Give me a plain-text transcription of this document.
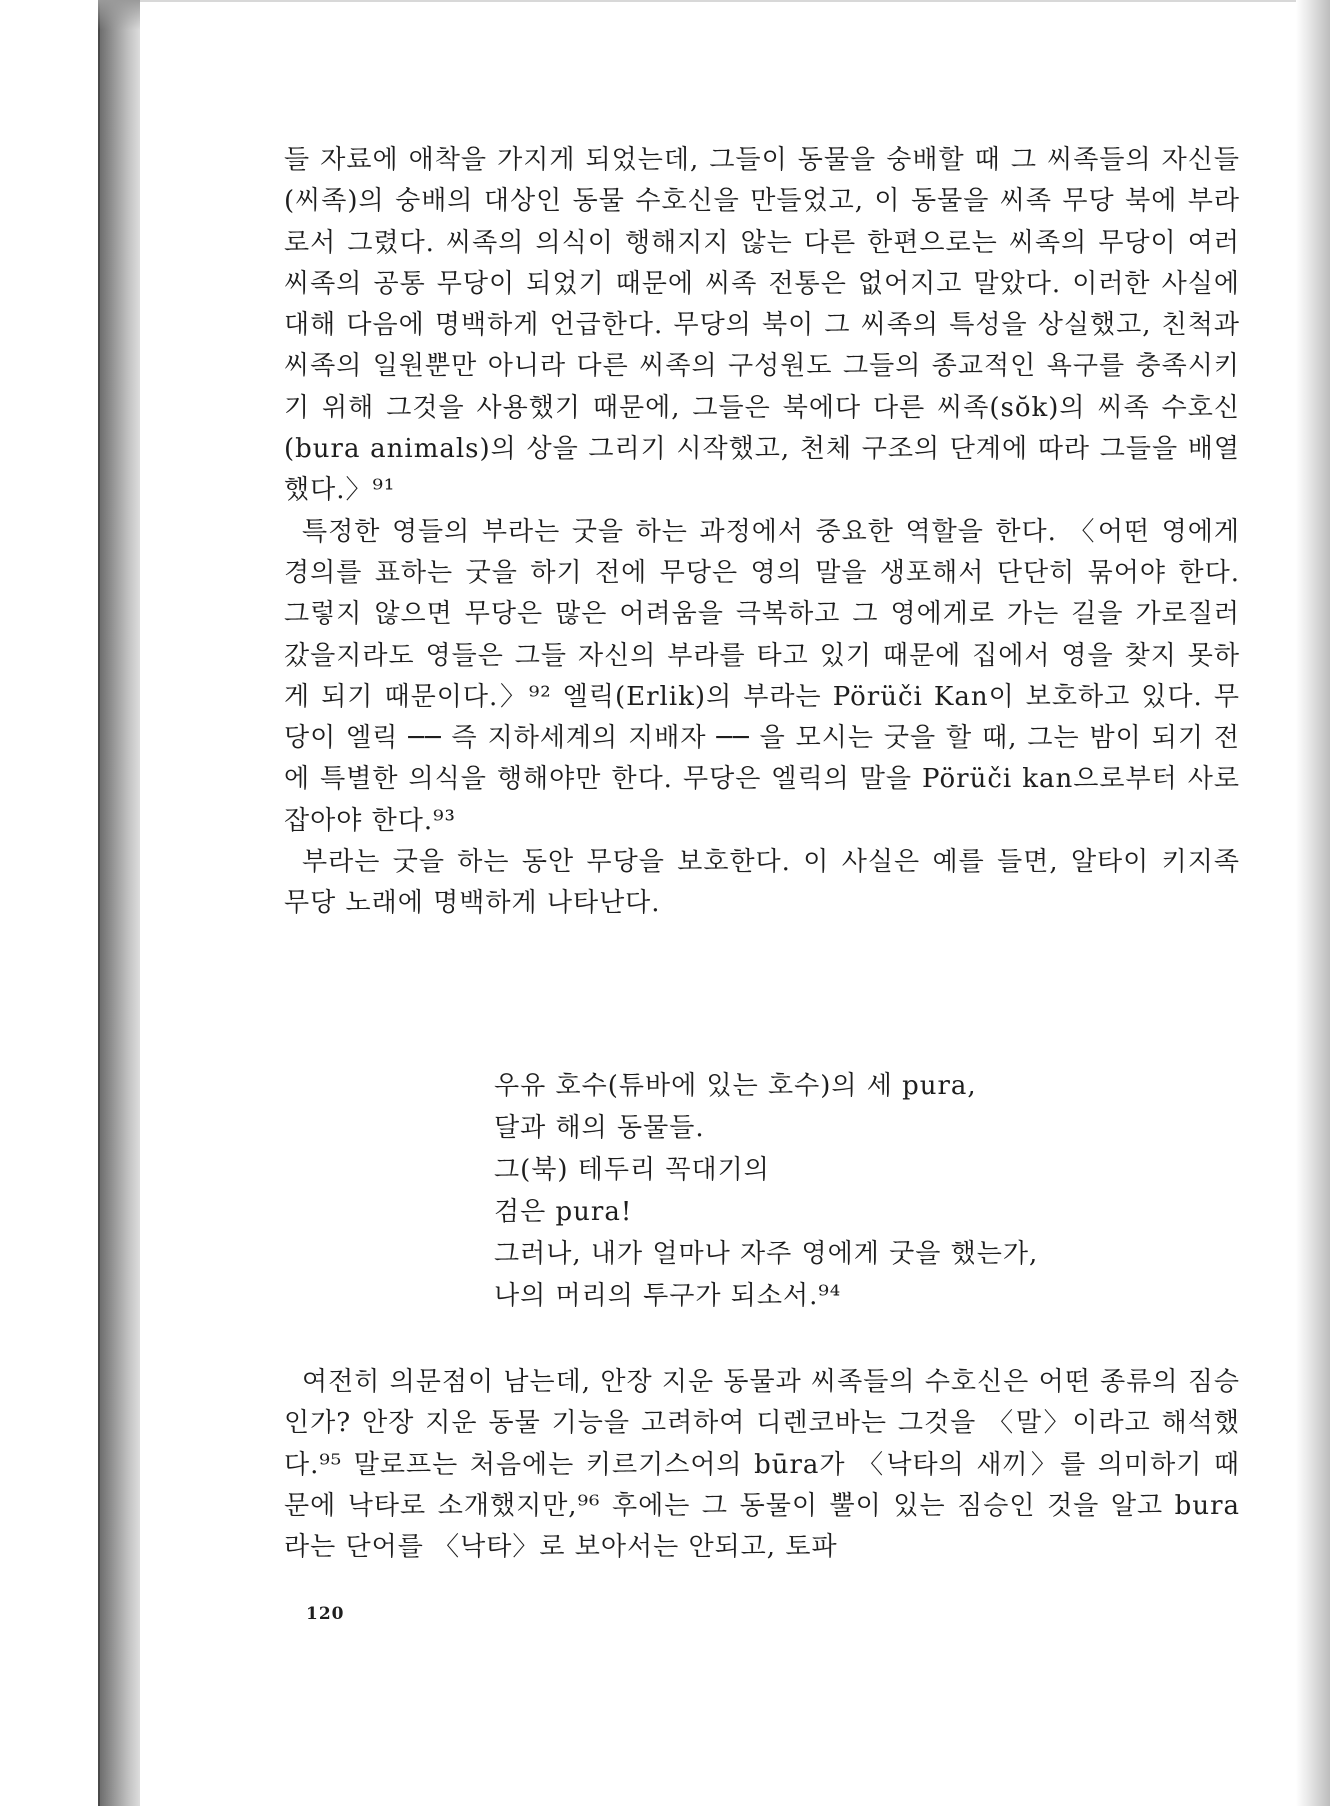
들 자료에 애착을 가지게 되었는데, 그들이 동물을 숭배할 때 그 씨족들의 자신들(씨족)의 숭배의 대상인 동물 수호신을 만들었고, 이 동물을 씨족 무당 북에 부라로서 그렸다. 씨족의 의식이 행해지지 않는 다른 한편으로는 씨족의 무당이 여러 씨족의 공통 무당이 되었기 때문에 씨족 전통은 없어지고 말았다. 이러한 사실에 대해 다음에 명백하게 언급한다. 무당의 북이 그 씨족의 특성을 상실했고, 친척과 씨족의 일원뿐만 아니라 다른 씨족의 구성원도 그들의 종교적인 욕구를 충족시키기 위해 그것을 사용했기 때문에, 그들은 북에다 다른 씨족(sŏk)의 씨족 수호신(bura animals)의 상을 그리기 시작했고, 천체 구조의 단계에 따라 그들을 배열했다.〉⁹¹

특정한 영들의 부라는 굿을 하는 과정에서 중요한 역할을 한다. 〈어떤 영에게 경의를 표하는 굿을 하기 전에 무당은 영의 말을 생포해서 단단히 묶어야 한다. 그렇지 않으면 무당은 많은 어려움을 극복하고 그 영에게로 가는 길을 가로질러 갔을지라도 영들은 그들 자신의 부라를 타고 있기 때문에 집에서 영을 찾지 못하게 되기 때문이다.〉⁹² 엘릭(Erlik)의 부라는 Pörüči Kan이 보호하고 있다. 무당이 엘릭 ── 즉 지하세계의 지배자 ── 을 모시는 굿을 할 때, 그는 밤이 되기 전에 특별한 의식을 행해야만 한다. 무당은 엘릭의 말을 Pörüči kan으로부터 사로잡아야 한다.⁹³

부라는 굿을 하는 동안 무당을 보호한다. 이 사실은 예를 들면, 알타이 키지족 무당 노래에 명백하게 나타난다.

우유 호수(튜바에 있는 호수)의 세 pura,
달과 해의 동물들.
그(북) 테두리 꼭대기의
검은 pura!
그러나, 내가 얼마나 자주 영에게 굿을 했는가,
나의 머리의 투구가 되소서.⁹⁴

여전히 의문점이 남는데, 안장 지운 동물과 씨족들의 수호신은 어떤 종류의 짐승인가? 안장 지운 동물 기능을 고려하여 디렌코바는 그것을 〈말〉이라고 해석했다.⁹⁵ 말로프는 처음에는 키르기스어의 būra가 〈낙타의 새끼〉를 의미하기 때문에 낙타로 소개했지만,⁹⁶ 후에는 그 동물이 뿔이 있는 짐승인 것을 알고 bura라는 단어를 〈낙타〉로 보아서는 안되고, 토파

120
